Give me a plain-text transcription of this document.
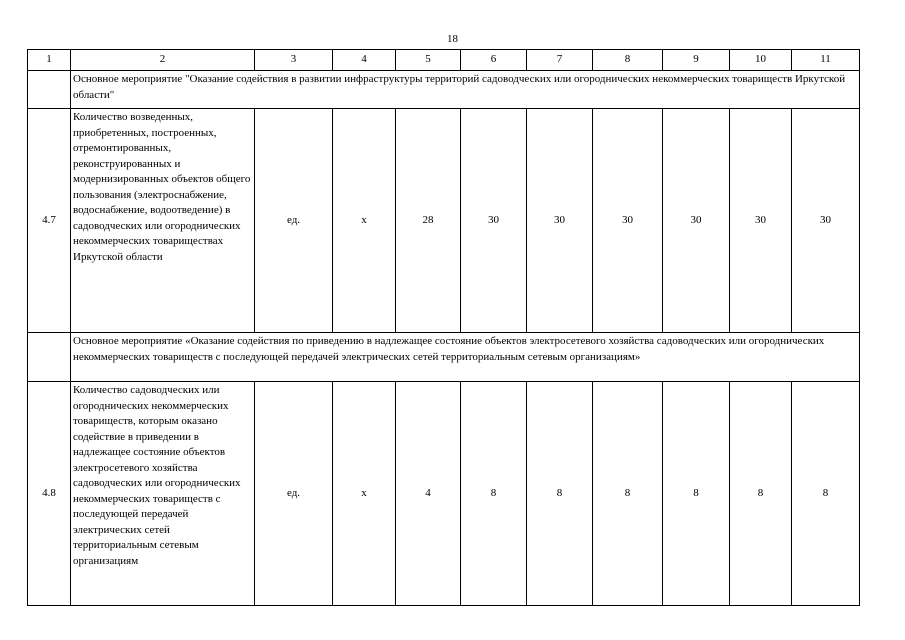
18
1	2	3	4	5	6	7	8	9	10	11
	Основное мероприятие "Оказание содействия в развитии инфраструктуры территорий садоводческих или огороднических некоммерческих товариществ Иркутской области"									
4.7	Количество возведенных, приобретенных, построенных, отремонтированных, реконструированных и модернизированных объектов общего пользования (электроснабжение, водоснабжение, водоотведение) в садоводческих или огороднических некоммерческих товариществах Иркутской области	ед.	х	28	30	30	30	30	30	30
	Основное мероприятие «Оказание содействия по приведению в надлежащее состояние объектов электросетевого хозяйства садоводческих или огороднических некоммерческих товариществ с последующей передачей электрических сетей территориальным сетевым организациям»									
4.8	Количество садоводческих или огороднических некоммерческих товариществ, которым оказано содействие в приведении в надлежащее состояние объектов электросетевого хозяйства садоводческих или огороднических некоммерческих товариществ с последующей передачей электрических сетей территориальным сетевым организациям	ед.	х	4	8	8	8	8	8	8
